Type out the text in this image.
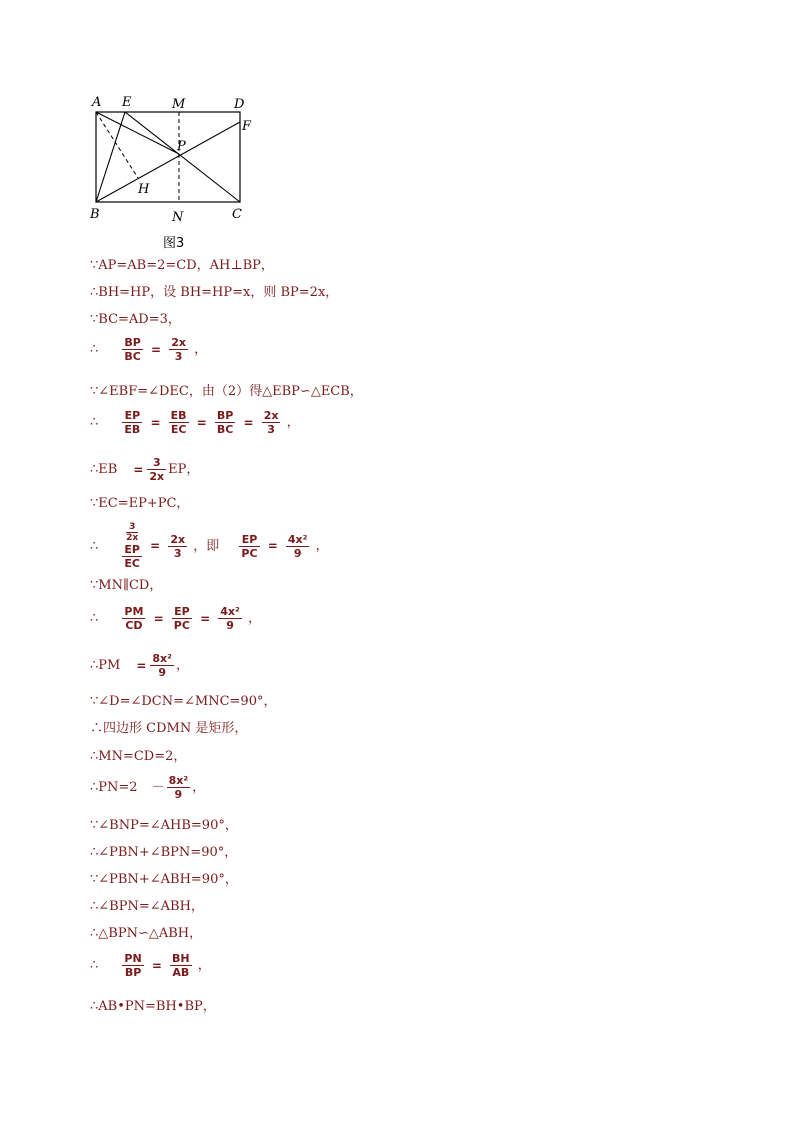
A E	M	D
F
P
H
B	N	C
图3
∵AP=AB=2=CD，AH⊥BP，
∴BH=HP，设 BH=HP=x，则 BP=2x，
∵BC=AD=3，
∴ $\frac{BP}{BC} = \frac{2x}{3}$ ，
∵∠EBF=∠DEC，由（2）得△EBP∽△ECB，
∴ $\frac{EP}{EB} = \frac{EB}{EC} = \frac{BP}{BC} = \frac{2x}{3}$ ，
∴EB = $\frac{3}{2x}$ EP，
∵EC=EP+PC，
∴	$\frac{3}{2x}$
EP
EC = $\frac{2x}{3}$ ，即 $\frac{EP}{PC} = \frac{\text{4x²}}{9}$ ，
∵MN∥CD，
∴ $\frac{PM}{CD} = \frac{EP}{PC} = \frac{\text{4x²}}{9}$ ，
∴PM = $\frac{\text{8x²}}{9}$ ，
∵∠D=∠DCN=∠MNC=90°，
∴四边形 CDMN 是矩形，
∴MN=CD=2，
∴PN=2 － $\frac{\text{8x²}}{9}$ ，
∵∠BNP=∠AHB=90°，
∴∠PBN+∠BPN=90°，
∵∠PBN+∠ABH=90°，
∴∠BPN=∠ABH，
∴△BPN∽△ABH，
∴ $\frac{PN}{BP} = \frac{BH}{AB}$ ，
∴AB•PN=BH•BP，
